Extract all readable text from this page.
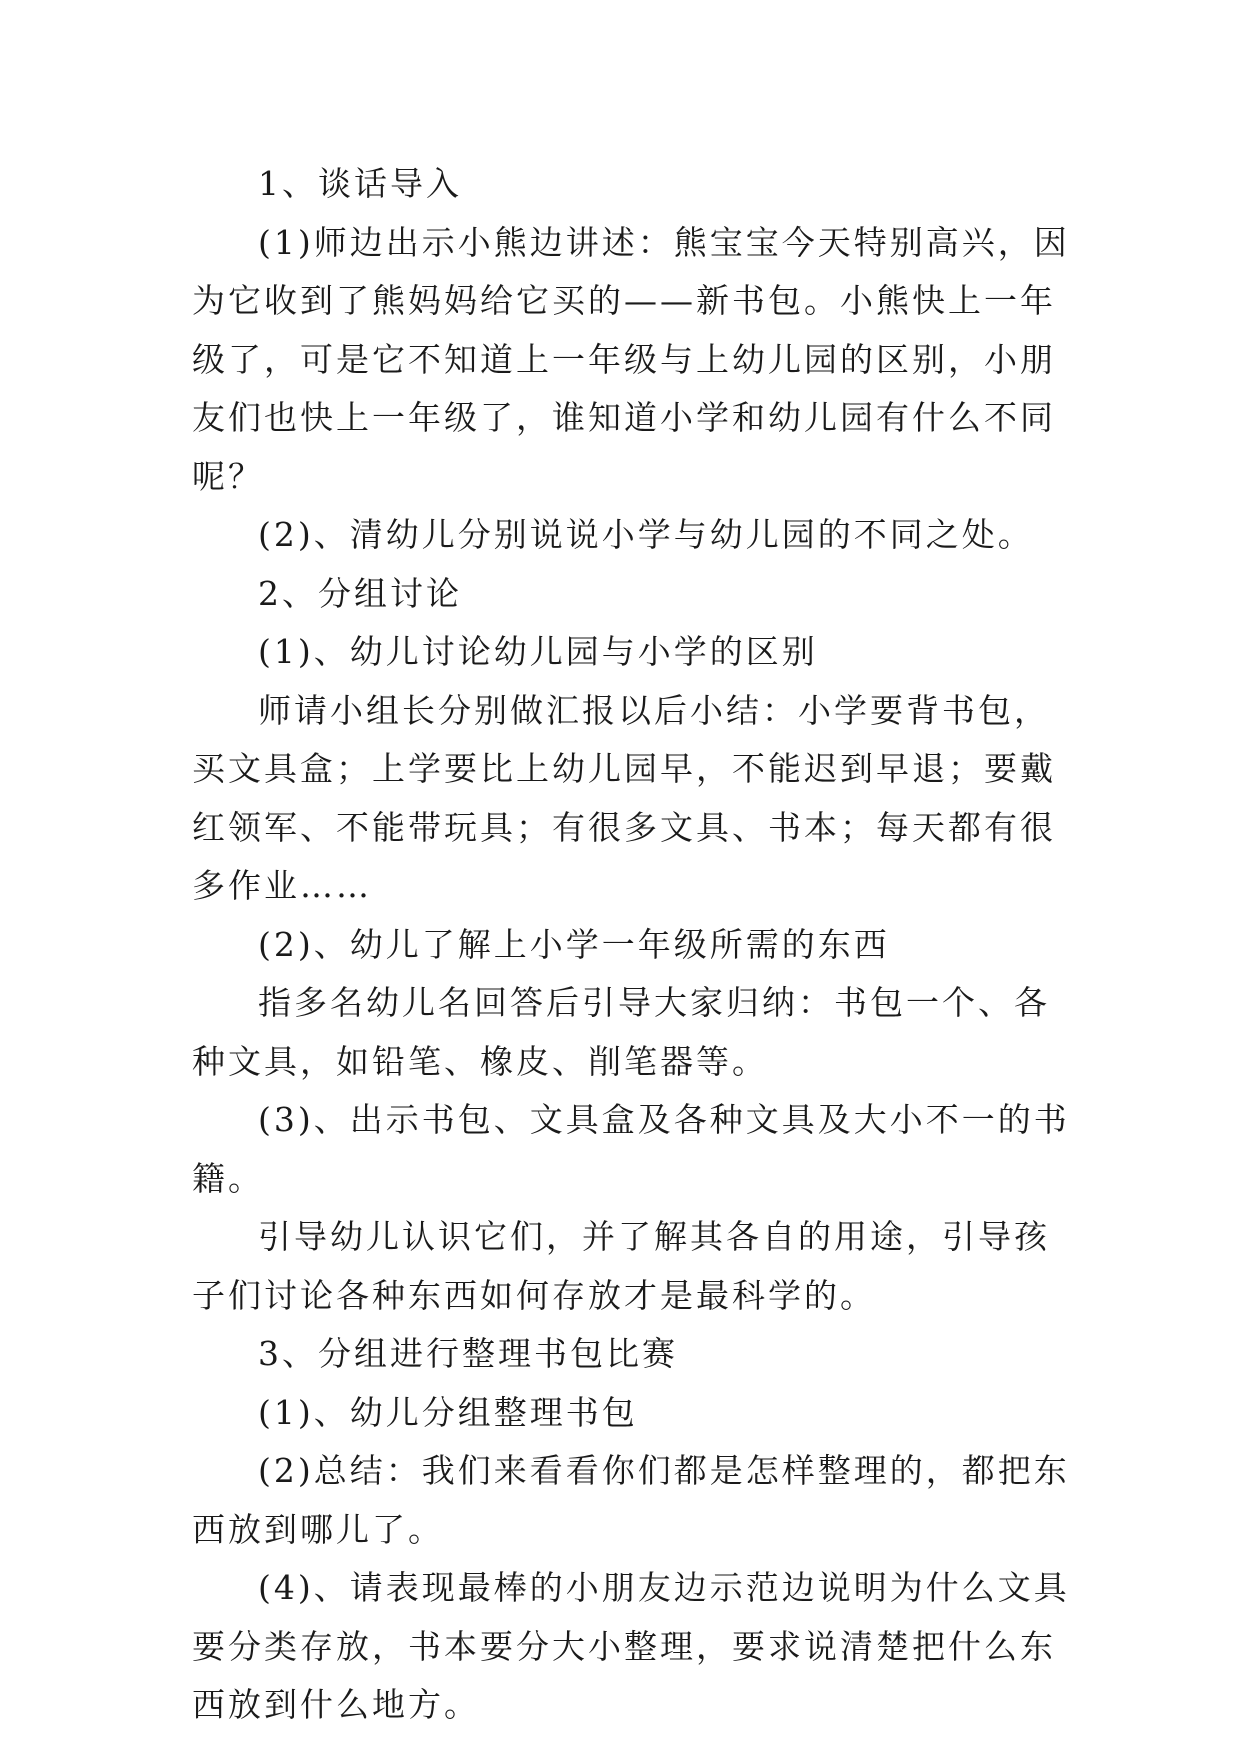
1、谈话导入

(1)师边出示小熊边讲述：熊宝宝今天特别高兴，因为它收到了熊妈妈给它买的——新书包。小熊快上一年级了，可是它不知道上一年级与上幼儿园的区别，小朋友们也快上一年级了，谁知道小学和幼儿园有什么不同呢？

(2)、清幼儿分别说说小学与幼儿园的不同之处。

2、分组讨论

(1)、幼儿讨论幼儿园与小学的区别

师请小组长分别做汇报以后小结：小学要背书包，买文具盒；上学要比上幼儿园早，不能迟到早退；要戴红领军、不能带玩具；有很多文具、书本；每天都有很多作业……

(2)、幼儿了解上小学一年级所需的东西

指多名幼儿名回答后引导大家归纳：书包一个、各种文具，如铅笔、橡皮、削笔器等。

(3)、出示书包、文具盒及各种文具及大小不一的书籍。

引导幼儿认识它们，并了解其各自的用途，引导孩子们讨论各种东西如何存放才是最科学的。

3、分组进行整理书包比赛

(1)、幼儿分组整理书包

(2)总结：我们来看看你们都是怎样整理的，都把东西放到哪儿了。

(4)、请表现最棒的小朋友边示范边说明为什么文具要分类存放，书本要分大小整理，要求说清楚把什么东西放到什么地方。
